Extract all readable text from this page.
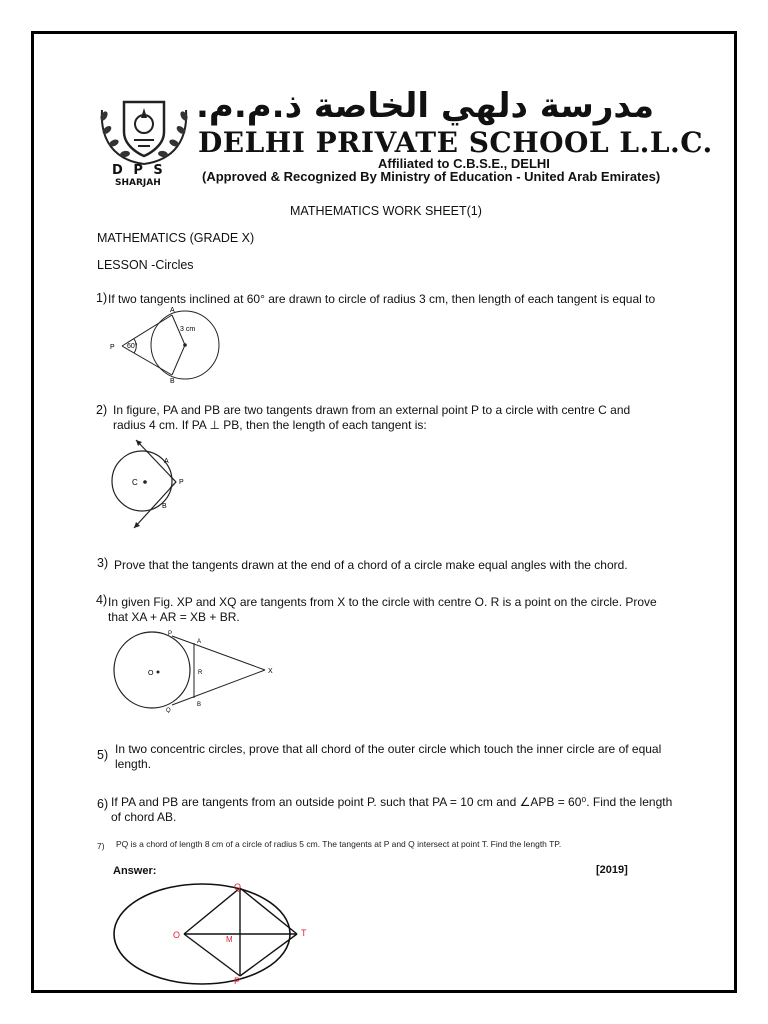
D P S
SHARJAH
مدرسة دلهي الخاصة ذ.م.م.
DELHI PRIVATE SCHOOL L.L.C.
Affiliated to C.B.S.E., DELHI
(Approved & Recognized By Ministry of Education - United Arab Emirates)
MATHEMATICS WORK SHEET(1)
MATHEMATICS (GRADE X)
LESSON -Circles
1) If two tangents inclined at 60° are drawn to circle of radius 3 cm, then length of each tangent is equal to
A
B
P 60°
3 cm
2) In figure, PA and PB are two tangents drawn from an external point P to a circle with centre C and radius 4 cm. If PA ⊥ PB, then the length of each tangent is:
A
B
C	P
3) Prove that the tangents drawn at the end of a chord of a circle make equal angles with the chord.
4) In given Fig. XP and XQ are tangents from X to the circle with centre O. R is a point on the circle. Prove that XA + AR = XB + BR.
P
A
O	R	X
Q
B
5) In two concentric circles, prove that all chord of the outer circle which touch the inner circle are of equal length.
6) If PA and PB are tangents from an outside point P. such that PA = 10 cm and ∠APB = 60⁰. Find the length of chord AB.
7) PQ is a chord of length 8 cm of a circle of radius 5 cm. The tangents at P and Q intersect at point T. Find the length TP.
Answer:	[2019]
Q
O	M
T
P
